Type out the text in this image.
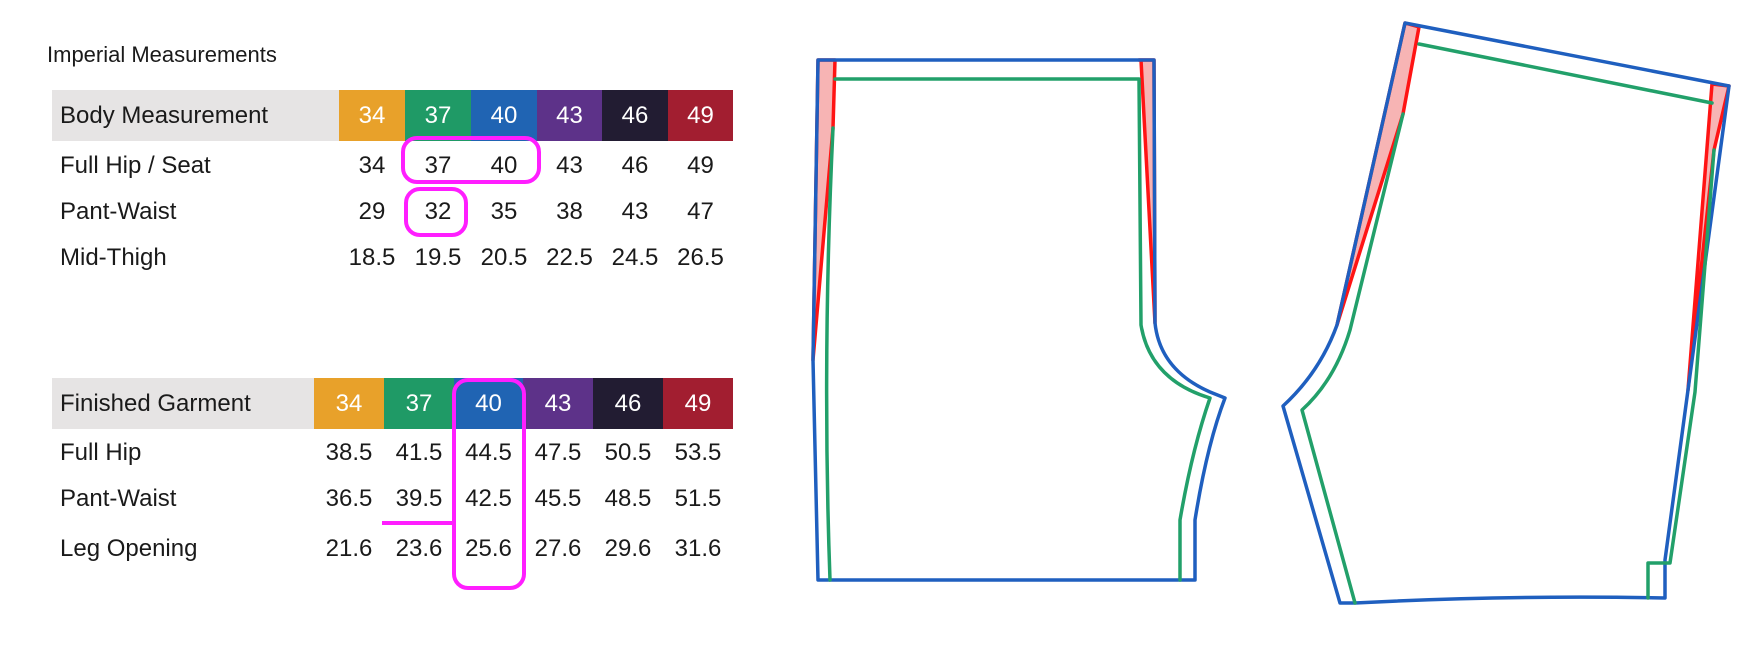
Imperial Measurements
Body Measurement	34	37	40	43	46	49
Full Hip / Seat	34	37	40	43	46	49
Pant-Waist	29	32	35	38	43	47
Mid-Thigh	18.5 19.5 20.5 22.5 24.5 26.5
Finished Garment	34	37	40	43	46	49
Full Hip	38.5 41.5 44.5 47.5 50.5 53.5
Pant-Waist	36.5 39.5 42.5 45.5 48.5 51.5
Leg Opening	21.6 23.6 25.6 27.6 29.6 31.6
